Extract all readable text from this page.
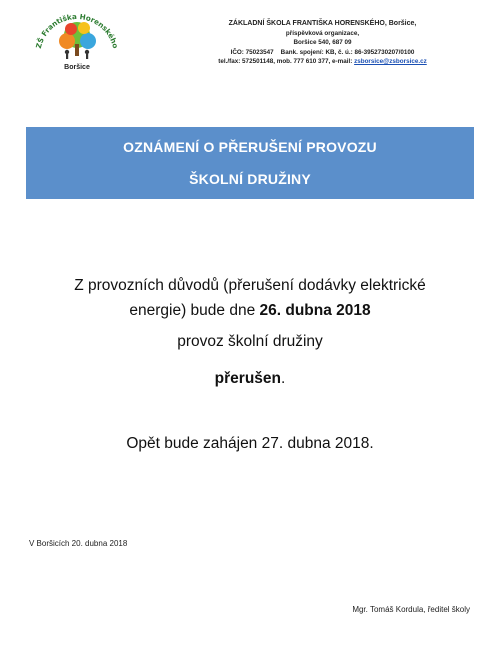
ZŠ Františka Horenského
Boršice
ZÁKLADNÍ ŠKOLA FRANTIŠKA HORENSKÉHO, Boršice,
příspěvková organizace,
Boršice 540, 687 09
IČO: 75023547 Bank. spojení: KB, č. ú.: 86-3952730207/0100
tel./fax: 572501148, mob. 777 610 377, e-mail: zsborsice@zsborsice.cz
OZNÁMENÍ O PŘERUŠENÍ PROVOZU
ŠKOLNÍ DRUŽINY
Z provozních důvodů (přerušení dodávky elektrické
energie) bude dne 26. dubna 2018
provoz školní družiny
přerušen.
Opět bude zahájen 27. dubna 2018.
V Boršicích 20. dubna 2018
Mgr. Tomáš Kordula, ředitel školy
